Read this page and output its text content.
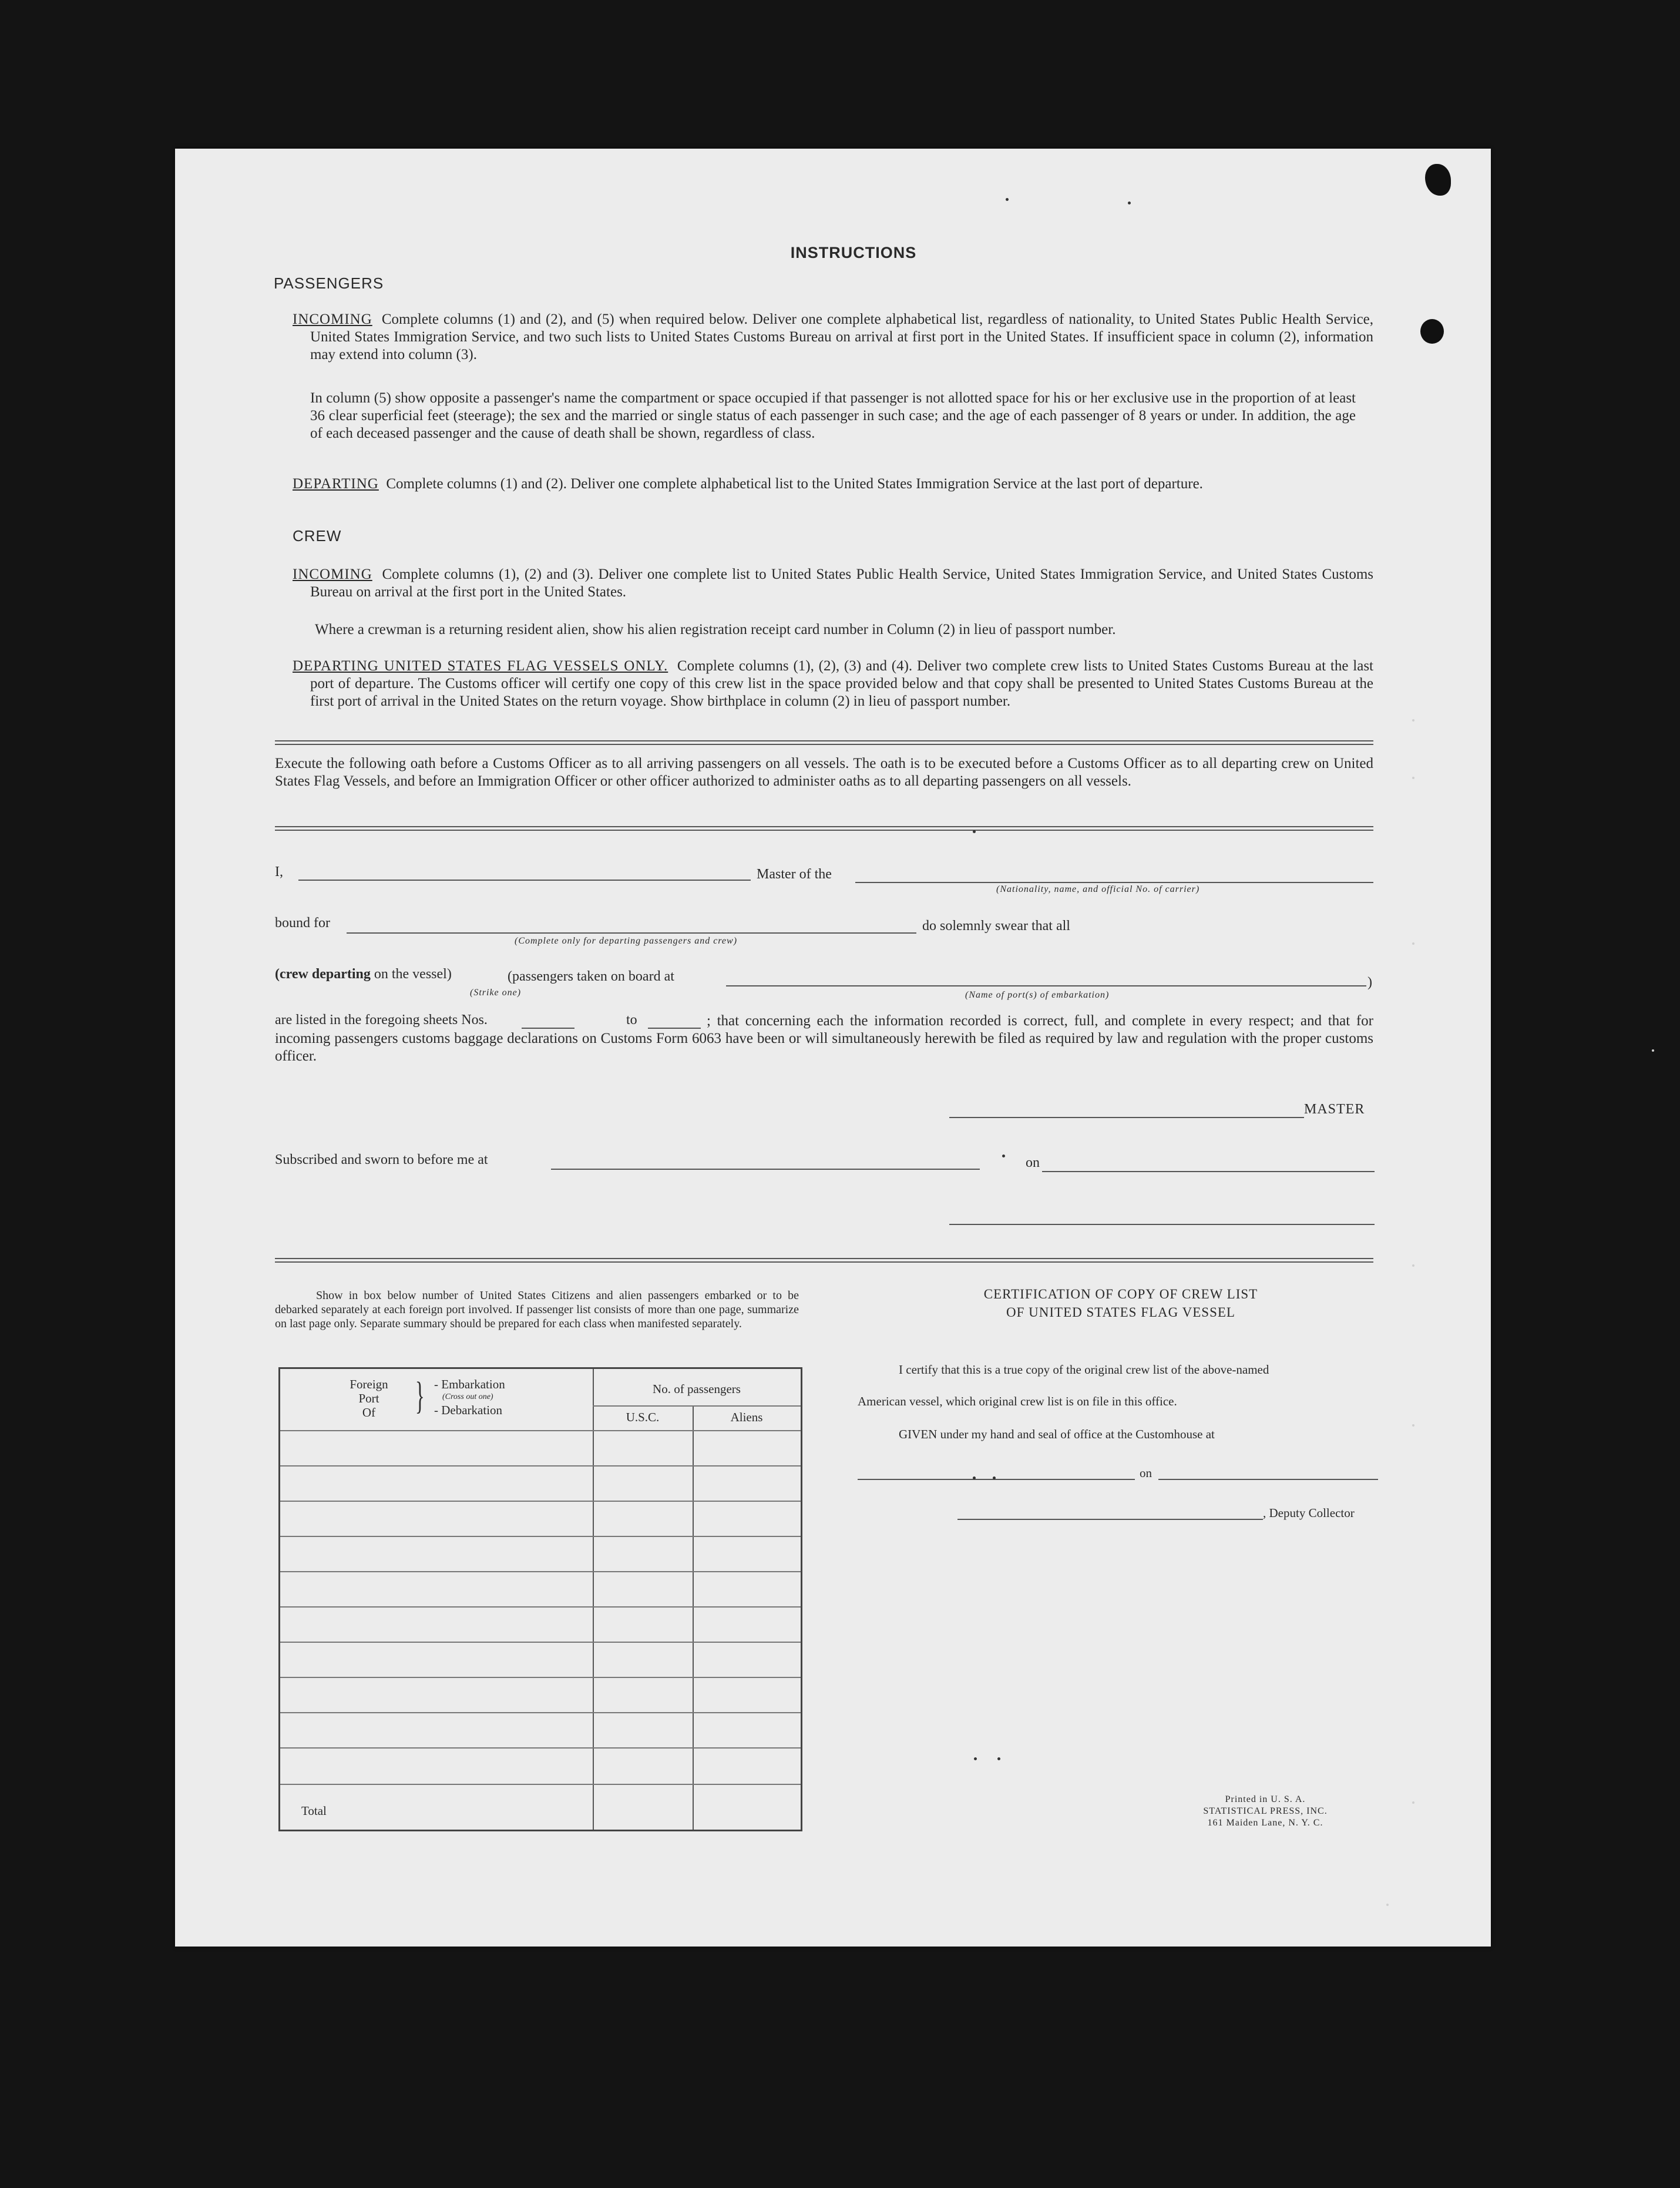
INSTRUCTIONS
PASSENGERS
INCOMING Complete columns (1) and (2), and (5) when required below. Deliver one complete alphabetical list, regardless of nationality, to United States Public Health Service, United States Immigration Service, and two such lists to United States Customs Bureau on arrival at first port in the United States. If insufficient space in column (2), information may extend into column (3).
In column (5) show opposite a passenger's name the compartment or space occupied if that passenger is not allotted space for his or her exclusive use in the proportion of at least 36 clear superficial feet (steerage); the sex and the married or single status of each passenger in such case; and the age of each passenger of 8 years or under. In addition, the age of each deceased passenger and the cause of death shall be shown, regardless of class.
DEPARTING Complete columns (1) and (2). Deliver one complete alphabetical list to the United States Immigration Service at the last port of departure.
CREW
INCOMING Complete columns (1), (2) and (3). Deliver one complete list to United States Public Health Service, United States Immigration Service, and United States Customs Bureau on arrival at the first port in the United States.
Where a crewman is a returning resident alien, show his alien registration receipt card number in Column (2) in lieu of passport number.
DEPARTING UNITED STATES FLAG VESSELS ONLY. Complete columns (1), (2), (3) and (4). Deliver two complete crew lists to United States Customs Bureau at the last port of departure. The Customs officer will certify one copy of this crew list in the space provided below and that copy shall be presented to United States Customs Bureau at the first port of arrival in the United States on the return voyage. Show birthplace in column (2) in lieu of passport number.
Execute the following oath before a Customs Officer as to all arriving passengers on all vessels. The oath is to be executed before a Customs Officer as to all departing crew on United States Flag Vessels, and before an Immigration Officer or other officer authorized to administer oaths as to all departing passengers on all vessels.
I,	Master of the
(Nationality, name, and official No. of carrier)
bound for
(Complete only for departing passengers and crew)
do solemnly swear that all
(crew departing on the vessel)
(Strike one)
(passengers taken on board at	)
(Name of port(s) of embarkation)
are listed in the foregoing sheets Nos.	to	; that concerning each the information recorded is correct, full, and complete in every respect; and that for incoming passengers customs baggage declarations on Customs Form 6063 have been or will simultaneously herewith be filed as required by law and regulation with the proper customs officer.
MASTER
Subscribed and sworn to before me at	on
Show in box below number of United States Citizens and alien passengers embarked or to be debarked separately at each foreign port involved. If passenger list consists of more than one page, summarize on last page only. Separate summary should be prepared for each class when manifested separately.
Foreign
Port
Of	} - Embarkation
(Cross out one)
- Debarkation
No. of passengers
U.S.C.	Aliens
Total
CERTIFICATION OF COPY OF CREW LIST
OF UNITED STATES FLAG VESSEL
I certify that this is a true copy of the original crew list of the above-named
American vessel, which original crew list is on file in this office.
GIVEN under my hand and seal of office at the Customhouse at
on
, Deputy Collector
Printed in U. S. A.
STATISTICAL PRESS, INC.
161 Maiden Lane, N. Y. C.
